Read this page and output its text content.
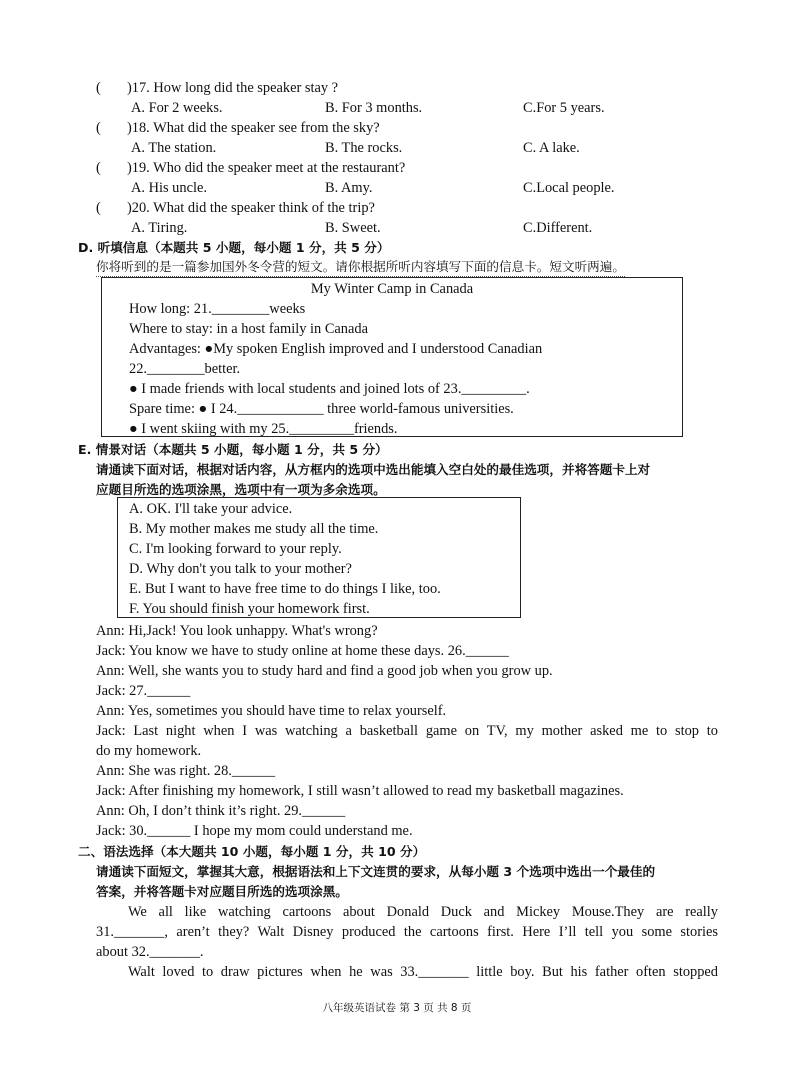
( )17. How long did the speaker stay ?
A. For 2 weeks.	B. For 3 months.	C.For 5 years.
( )18. What did the speaker see from the sky?
A. The station.	B. The rocks.	C. A lake.
( )19. Who did the speaker meet at the restaurant?
A. His uncle.	B. Amy.	C.Local people.
( )20. What did the speaker think of the trip?
A. Tiring.	B. Sweet.	C.Different.
D. 听填信息（本题共 5 小题，每小题 1 分，共 5 分）
你将听到的是一篇参加国外冬令营的短文。请你根据所听内容填写下面的信息卡。短文听两遍。
My Winter Camp in Canada
How long: 21.________weeks
Where to stay: in a host family in Canada
Advantages: ●My spoken English improved and I understood Canadian
22.________better.
● I made friends with local students and joined lots of 23._________.
Spare time: ● I 24.____________ three world-famous universities.
● I went skiing with my 25._________friends.
E. 情景对话（本题共 5 小题，每小题 1 分，共 5 分）
请通读下面对话，根据对话内容，从方框内的选项中选出能填入空白处的最佳选项，并将答题卡上对
应题目所选的选项涂黑，选项中有一项为多余选项。
A. OK. I'll take your advice.
B. My mother makes me study all the time.
C. I'm looking forward to your reply.
D. Why don't you talk to your mother?
E. But I want to have free time to do things I like, too.
F. You should finish your homework first.
Ann: Hi,Jack! You look unhappy. What's wrong?
Jack: You know we have to study online at home these days. 26.______
Ann: Well, she wants you to study hard and find a good job when you grow up.
Jack: 27.______
Ann: Yes, sometimes you should have time to relax yourself.
Jack: Last night when I was watching a basketball game on TV, my mother asked me to stop to
do my homework.
Ann: She was right. 28.______
Jack: After finishing my homework, I still wasn’t allowed to read my basketball magazines.
Ann: Oh, I don’t think it’s right. 29.______
Jack: 30.______ I hope my mom could understand me.
二、语法选择（本大题共 10 小题，每小题 1 分，共 10 分）
请通读下面短文，掌握其大意，根据语法和上下文连贯的要求，从每小题 3 个选项中选出一个最佳的
答案，并将答题卡对应题目所选的选项涂黑。
We all like watching cartoons about Donald Duck and Mickey Mouse.They are really
31._______, aren’t they? Walt Disney produced the cartoons first. Here I’ll tell you some stories
about 32._______.
Walt loved to draw pictures when he was 33._______ little boy. But his father often stopped
八年级英语试卷 第 3 页 共 8 页
